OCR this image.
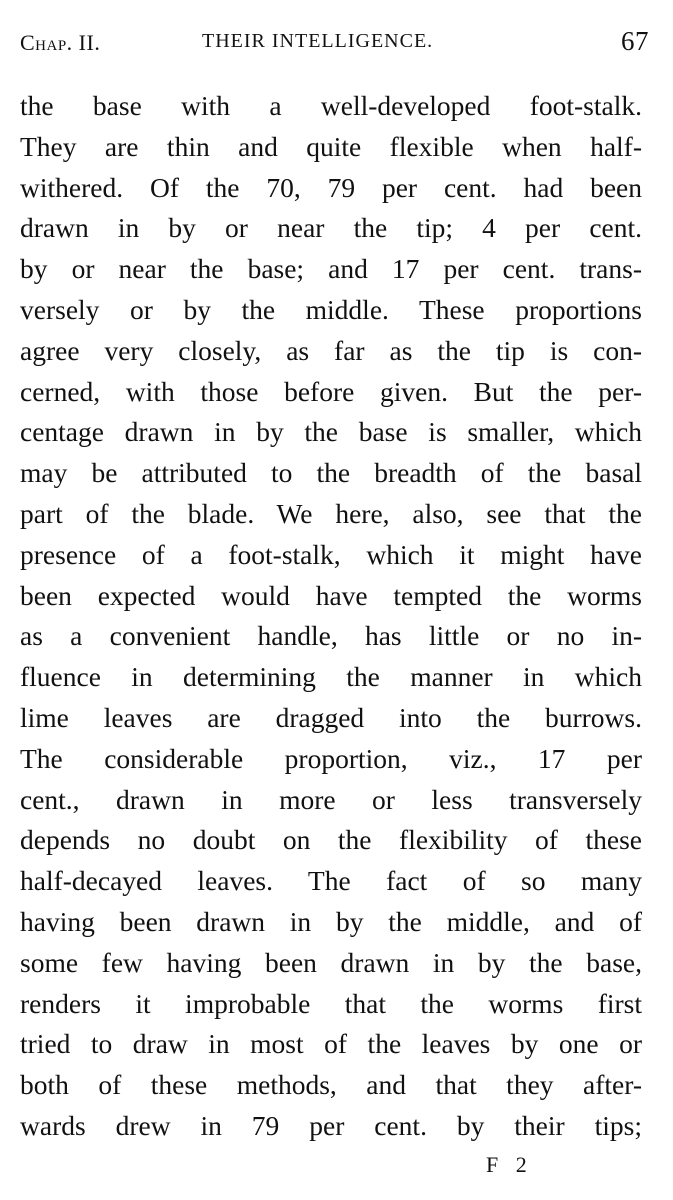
Chap. II.	THEIR INTELLIGENCE.	67
the base with a well-developed foot-stalk.
They are thin and quite flexible when half-
withered. Of the 70, 79 per cent. had been
drawn in by or near the tip; 4 per cent.
by or near the base; and 17 per cent. trans-
versely or by the middle. These proportions
agree very closely, as far as the tip is con-
cerned, with those before given. But the per-
centage drawn in by the base is smaller, which
may be attributed to the breadth of the basal
part of the blade. We here, also, see that the
presence of a foot-stalk, which it might have
been expected would have tempted the worms
as a convenient handle, has little or no in-
fluence in determining the manner in which
lime leaves are dragged into the burrows.
The considerable proportion, viz., 17 per
cent., drawn in more or less transversely
depends no doubt on the flexibility of these
half-decayed leaves. The fact of so many
having been drawn in by the middle, and of
some few having been drawn in by the base,
renders it improbable that the worms first
tried to draw in most of the leaves by one or
both of these methods, and that they after-
wards drew in 79 per cent. by their tips;
F 2
